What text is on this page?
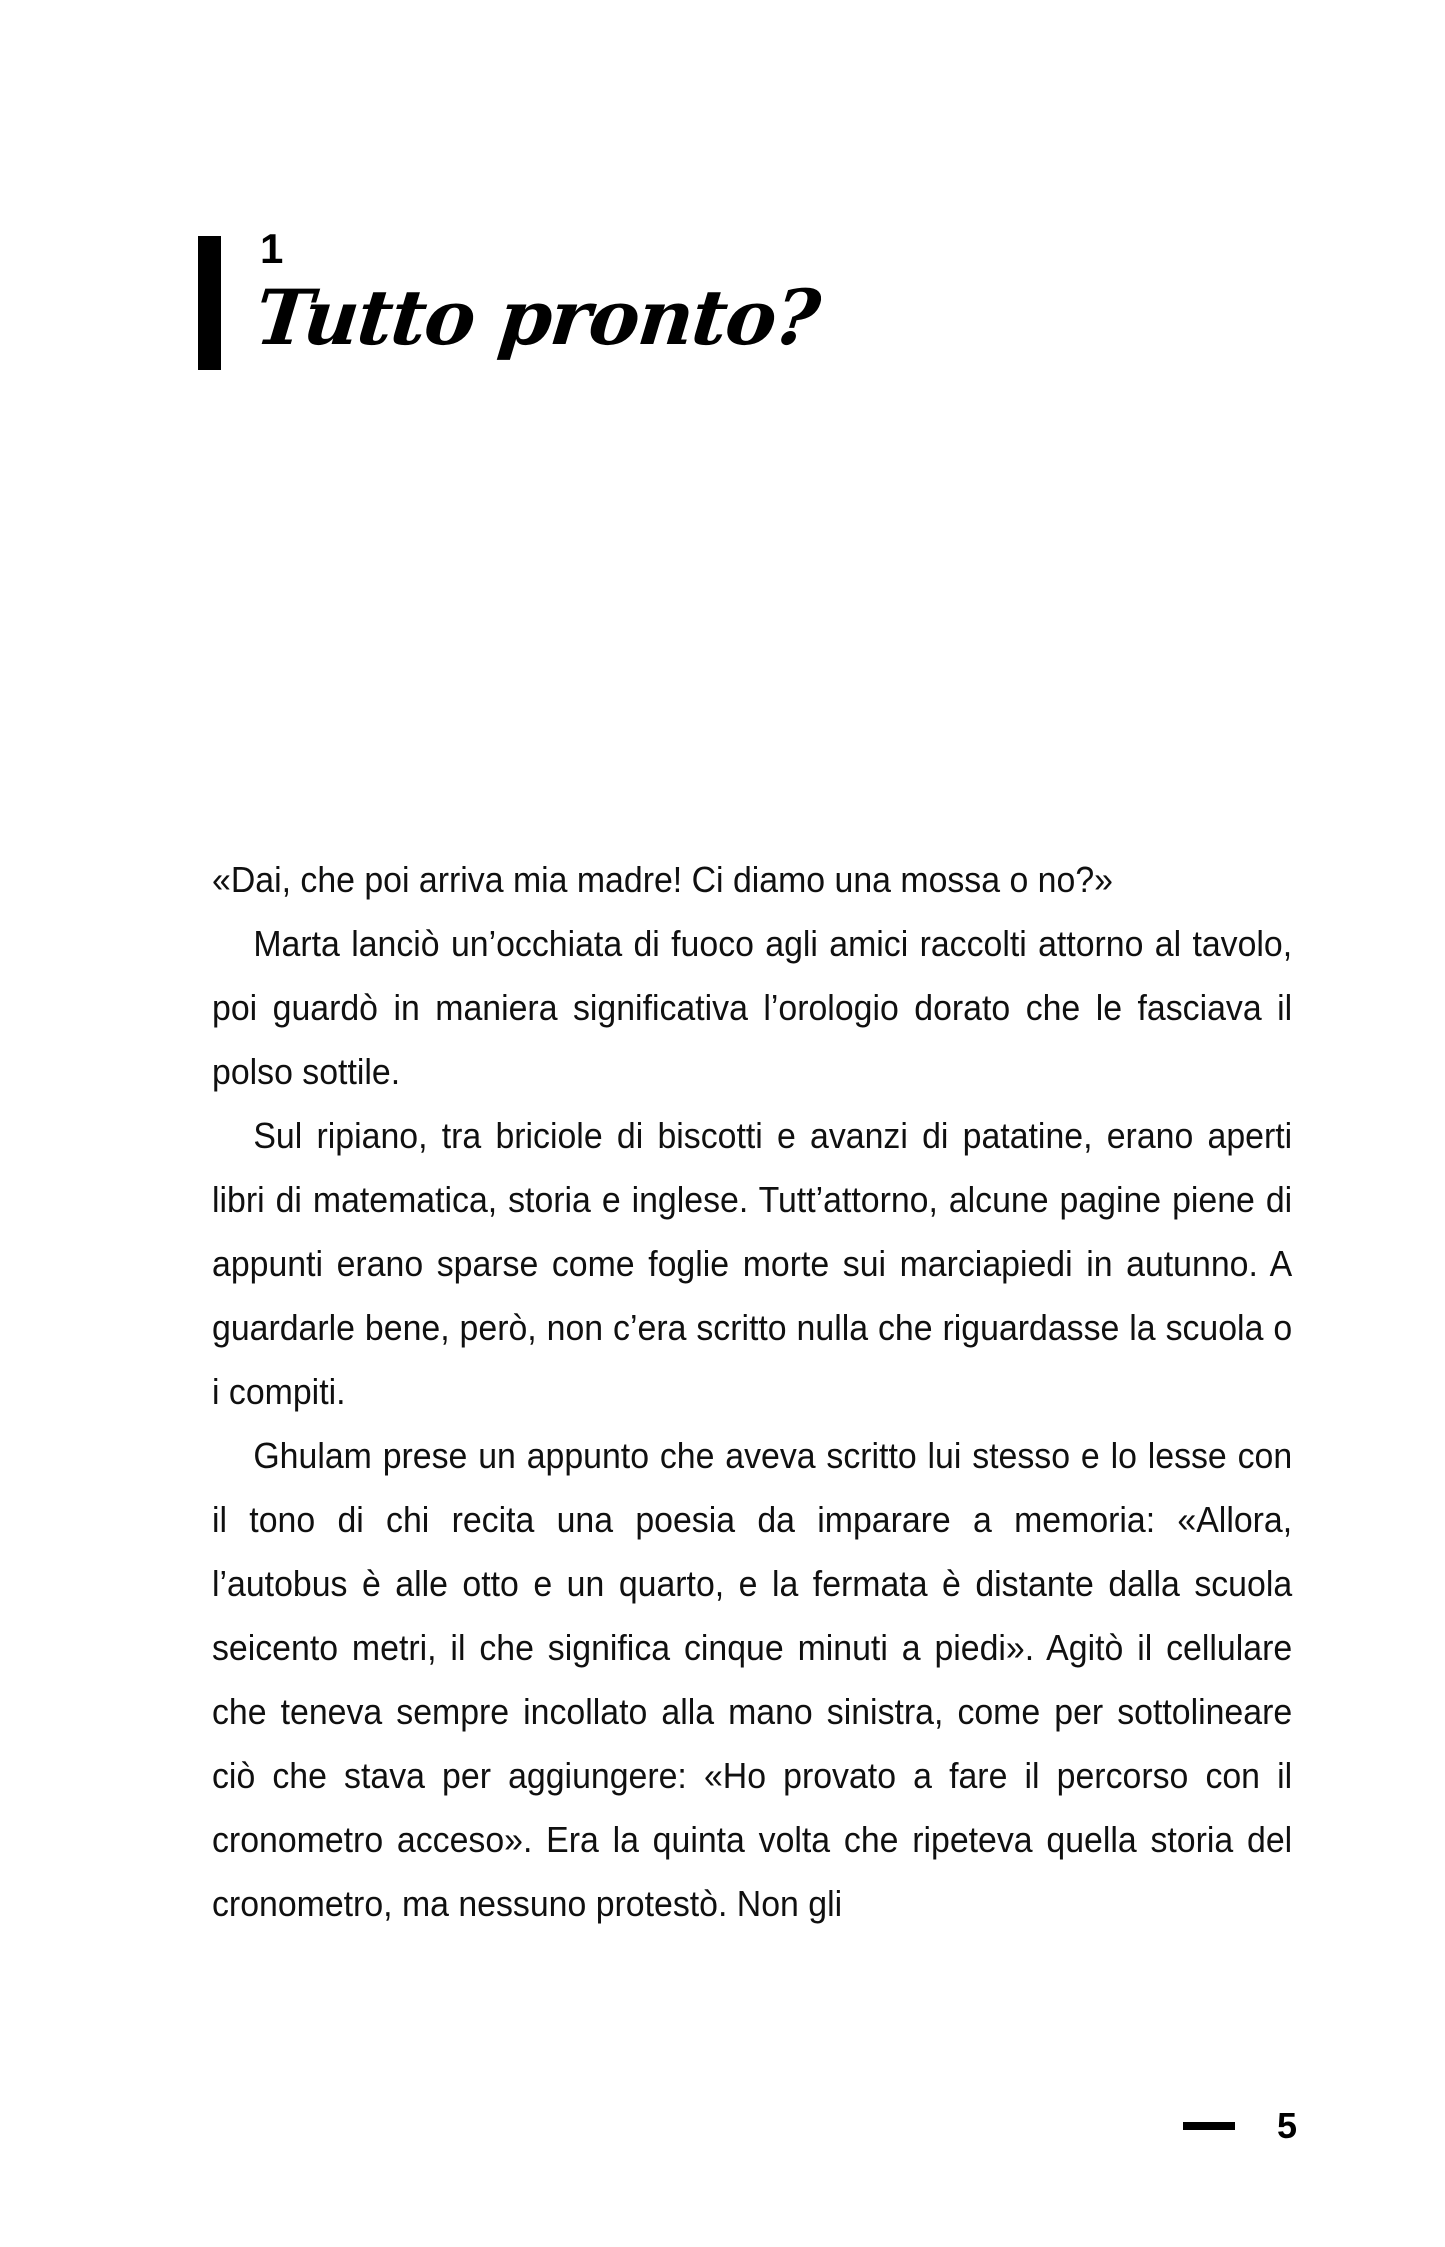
1
Tutto pronto?

«Dai, che poi arriva mia madre! Ci diamo una mossa o no?»

Marta lanciò un’occhiata di fuoco agli amici raccolti attorno al tavolo, poi guardò in maniera significativa l’orologio dorato che le fasciava il polso sottile.

Sul ripiano, tra briciole di biscotti e avanzi di patatine, erano aperti libri di matematica, storia e inglese. Tutt’attorno, alcune pagine piene di appunti erano sparse come foglie morte sui marciapiedi in autunno. A guardarle bene, però, non c’era scritto nulla che riguardasse la scuola o i compiti.

Ghulam prese un appunto che aveva scritto lui stesso e lo lesse con il tono di chi recita una poesia da imparare a memoria: «Allora, l’autobus è alle otto e un quarto, e la fermata è distante dalla scuola seicento metri, il che significa cinque minuti a piedi». Agitò il cellulare che teneva sempre incollato alla mano sinistra, come per sottolineare ciò che stava per aggiungere: «Ho provato a fare il percorso con il cronometro acceso». Era la quinta volta che ripeteva quella storia del cronometro, ma nessuno protestò. Non gli

5
